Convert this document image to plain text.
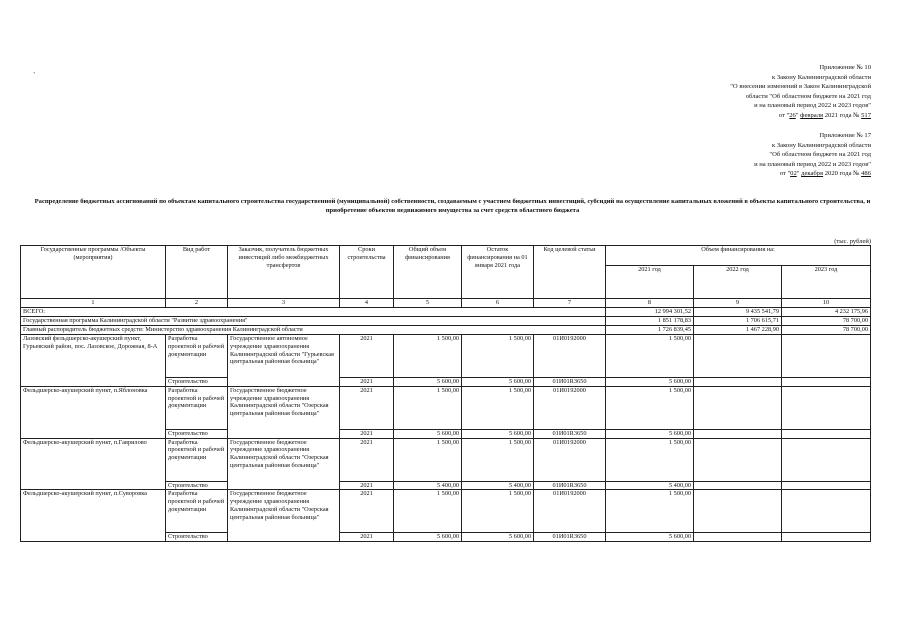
`
Приложение № 10
к Закону Калининградской области
"О внесении изменений в Закон Калининградской
области "Об областном бюджете на 2021 год
и на плановый период 2022 и 2023 годов"
от "26" февраля 2021 года № 517
Приложение № 17
к Закону Калининградской области
"Об областном бюджете на 2021 год
и на плановый период 2022 и 2023 годов"
от "02" декабря 2020 года № 486
Распределение бюджетных ассигнований по объектам капитального строительства государственной (муниципальной) собственности, создаваемым с участием бюджетных инвестиций, субсидий на осуществление капитальных вложений в объекты капитального строительства, и приобретение объектов недвижимого имущества за счет средств областного бюджета
(тыс. рублей)
Государственные программы /Объекты (мероприятия)	Вид работ	Заказчик, получатель бюджетных инвестиций либо межбюджетных трансфертов	Сроки строительства	Общий объем финансирования	Остаток финансирования на 01 января 2021 года	Код целевой статьи	Объем финансирования на:		
							2021 год	2022 год	2023 год
1	2	3	4	5	6	7	8	9	10
ВСЕГО:							12 994 301,52	9 435 541,79	4 232 175,96
Государственная программа Калининградской области "Развитие здравоохранения"							1 851 178,83	1 706 615,71	78 700,00
Главный распорядитель бюджетных средств: Министерство здравоохранения Калининградской области							1 726 839,45	1 467 228,90	78 700,00
Лазовский фельдшерско-акушерский пункт, Гурьевский район, пос. Лазовское, Дорожная, 8-А	Разработка проектной и рабочей документации	Государственное автономное учреждение здравоохранения Калининградской области "Гурьевская центральная районная больница"	2021	1 500,00	1 500,00	01И0192000	1 500,00		
	Строительство		2021	5 600,00	5 600,00	01И01R3650	5 600,00		
Фельдшерско-акушерский пункт, п.Яблоновка	Разработка проектной и рабочей документации	Государственное бюджетное учреждение здравоохранения Калининградской области "Озерская центральная районная больница"	2021	1 500,00	1 500,00	01И0192000	1 500,00		
	Строительство		2021	5 600,00	5 600,00	01И01R3650	5 600,00		
Фельдшерско-акушерский пункт, п.Гаврилово	Разработка проектной и рабочей документации	Государственное бюджетное учреждение здравоохранения Калининградской области "Озерская центральная районная больница"	2021	1 500,00	1 500,00	01И0192000	1 500,00		
	Строительство		2021	5 400,00	5 400,00	01И01R3650	5 400,00		
Фельдшерско-акушерский пункт, п.Суворовка	Разработка проектной и рабочей документации	Государственное бюджетное учреждение здравоохранения Калининградской области "Озерская центральная районная больница"	2021	1 500,00	1 500,00	01И0192000	1 500,00		
	Строительство		2021	5 600,00	5 600,00	01И01R3650	5 600,00		
